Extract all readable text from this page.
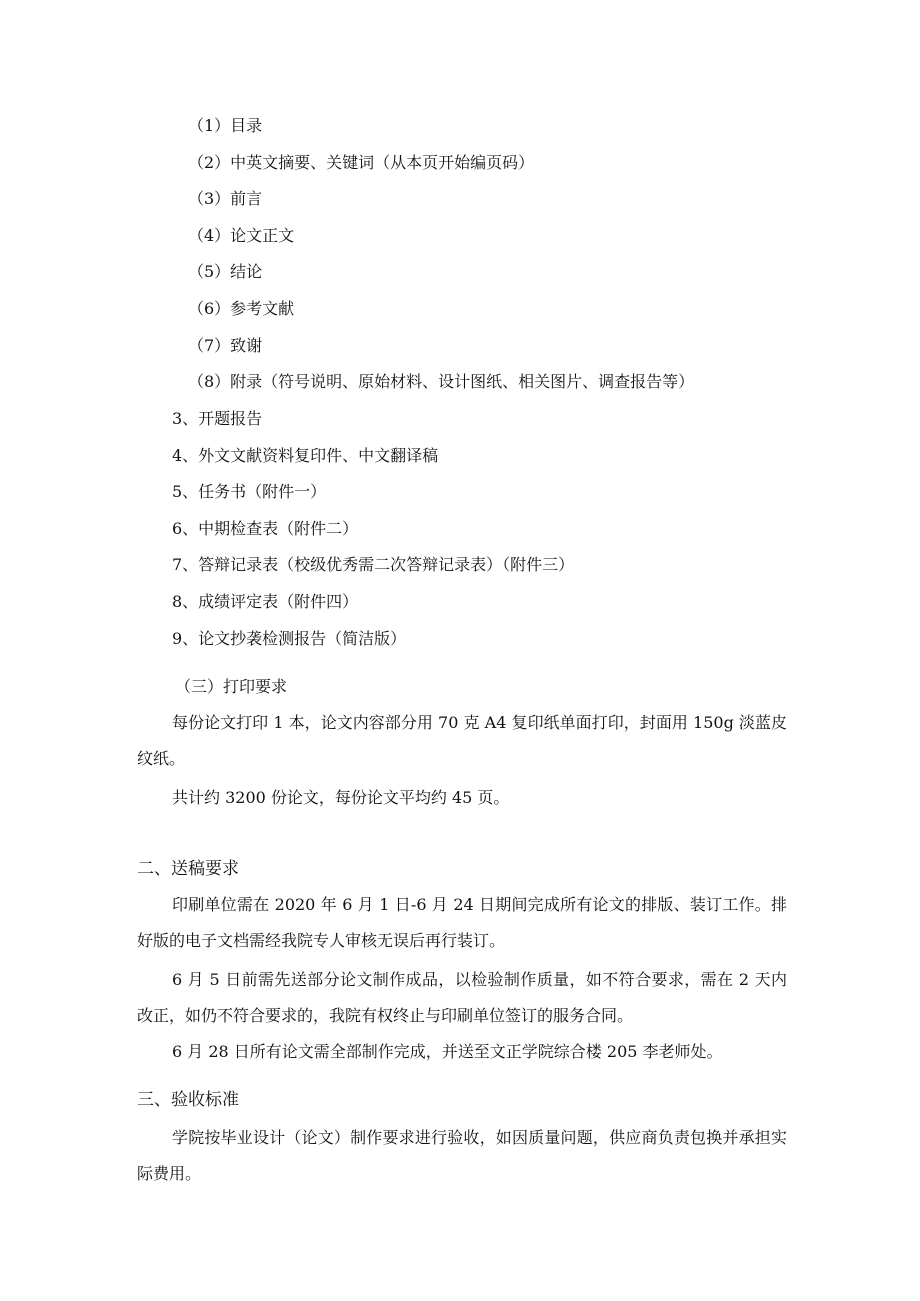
（1）目录
（2）中英文摘要、关键词（从本页开始编页码）
（3）前言
（4）论文正文
（5）结论
（6）参考文献
（7）致谢
（8）附录（符号说明、原始材料、设计图纸、相关图片、调查报告等）
3、开题报告
4、外文文献资料复印件、中文翻译稿
5、任务书（附件一）
6、中期检查表（附件二）
7、答辩记录表（校级优秀需二次答辩记录表）（附件三）
8、成绩评定表（附件四）
9、论文抄袭检测报告（简洁版）
（三）打印要求
每份论文打印 1 本，论文内容部分用 70 克 A4 复印纸单面打印，封面用 150g 淡蓝皮纹纸。
共计约 3200 份论文，每份论文平均约 45 页。
二、送稿要求
印刷单位需在 2020 年 6 月 1 日-6 月 24 日期间完成所有论文的排版、装订工作。排好版的电子文档需经我院专人审核无误后再行装订。
6 月 5 日前需先送部分论文制作成品，以检验制作质量，如不符合要求，需在 2 天内改正，如仍不符合要求的，我院有权终止与印刷单位签订的服务合同。
6 月 28 日所有论文需全部制作完成，并送至文正学院综合楼 205 李老师处。
三、验收标准
学院按毕业设计（论文）制作要求进行验收，如因质量问题，供应商负责包换并承担实际费用。
